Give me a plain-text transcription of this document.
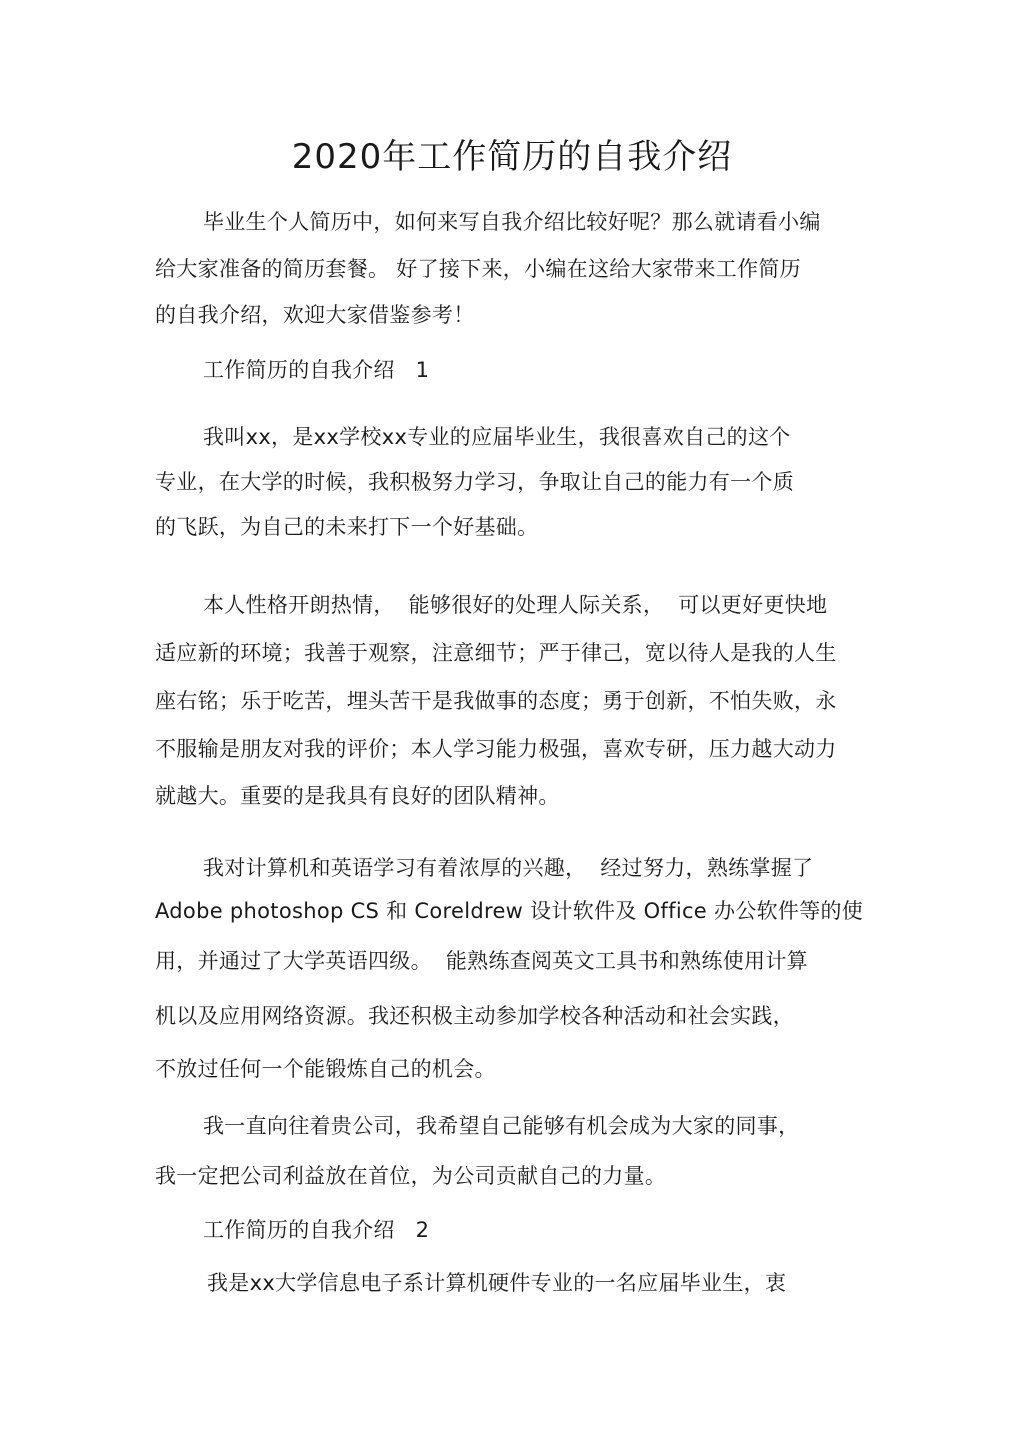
2020年工作简历的自我介绍
毕业生个人简历中，如何来写自我介绍比较好呢？那么就请看小编
给大家准备的简历套餐。 好了接下来，小编在这给大家带来工作简历
的自我介绍，欢迎大家借鉴参考！
工作简历的自我介绍   1
我叫xx，是xx学校xx专业的应届毕业生，我很喜欢自己的这个
专业，在大学的时候，我积极努力学习，争取让自己的能力有一个质
的飞跃，为自己的未来打下一个好基础。
本人性格开朗热情，  能够很好的处理人际关系，  可以更好更快地
适应新的环境；我善于观察，注意细节；严于律己，宽以待人是我的人生
座右铭；乐于吃苦，埋头苦干是我做事的态度；勇于创新，不怕失败，永
不服输是朋友对我的评价；本人学习能力极强，喜欢专研，压力越大动力
就越大。重要的是我具有良好的团队精神。
我对计算机和英语学习有着浓厚的兴趣，  经过努力，熟练掌握了
Adobe photoshop CS 和 Coreldrew 设计软件及 Office 办公软件等的使
用，并通过了大学英语四级。  能熟练查阅英文工具书和熟练使用计算
机以及应用网络资源。我还积极主动参加学校各种活动和社会实践，
不放过任何一个能锻炼自己的机会。
我一直向往着贵公司，我希望自己能够有机会成为大家的同事，
我一定把公司利益放在首位，为公司贡献自己的力量。
工作简历的自我介绍   2
我是xx大学信息电子系计算机硬件专业的一名应届毕业生，衷
